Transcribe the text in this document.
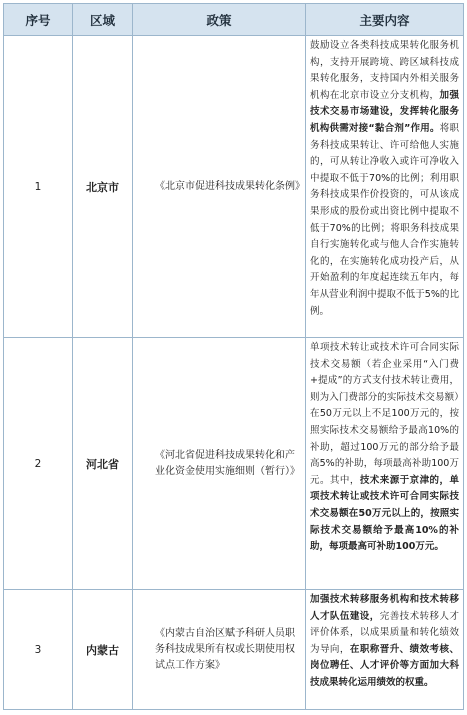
序号	区域	政策	主要内容
1	北京市	《北京市促进科技成果转化条例》	鼓励设立各类科技成果转化服务机构，支持开展跨境、跨区域科技成果转化服务，支持国内外相关服务机构在北京市设立分支机构，加强技术交易市场建设，发挥转化服务机构供需对接“黏合剂”作用。将职务科技成果转让、许可给他人实施的，可从转让净收入或许可净收入中提取不低于70%的比例；利用职务科技成果作价投资的，可从该成果形成的股份或出资比例中提取不低于70%的比例；将职务科技成果自行实施转化或与他人合作实施转化的，在实施转化成功投产后，从开始盈利的年度起连续五年内，每年从营业利润中提取不低于5%的比例。
2	河北省	《河北省促进科技成果转化和产业化资金使用实施细则（暂行）》	单项技术转让或技术许可合同实际技术交易额（若企业采用“入门费+提成”的方式支付技术转让费用，则为入门费部分的实际技术交易额）在50万元以上不足100万元的，按照实际技术交易额给予最高10%的补助，超过100万元的部分给予最高5%的补助，每项最高补助100万元。其中，技术来源于京津的，单项技术转让或技术许可合同实际技术交易额在50万元以上的，按照实际技术交易额给予最高10%的补助，每项最高可补助100万元。
3	内蒙古	《内蒙古自治区赋予科研人员职务科技成果所有权或长期使用权试点工作方案》	加强技术转移服务机构和技术转移人才队伍建设，完善技术转移人才评价体系，以成果质量和转化绩效为导向，在职称晋升、绩效考核、岗位聘任、人才评价等方面加大科技成果转化运用绩效的权重。
